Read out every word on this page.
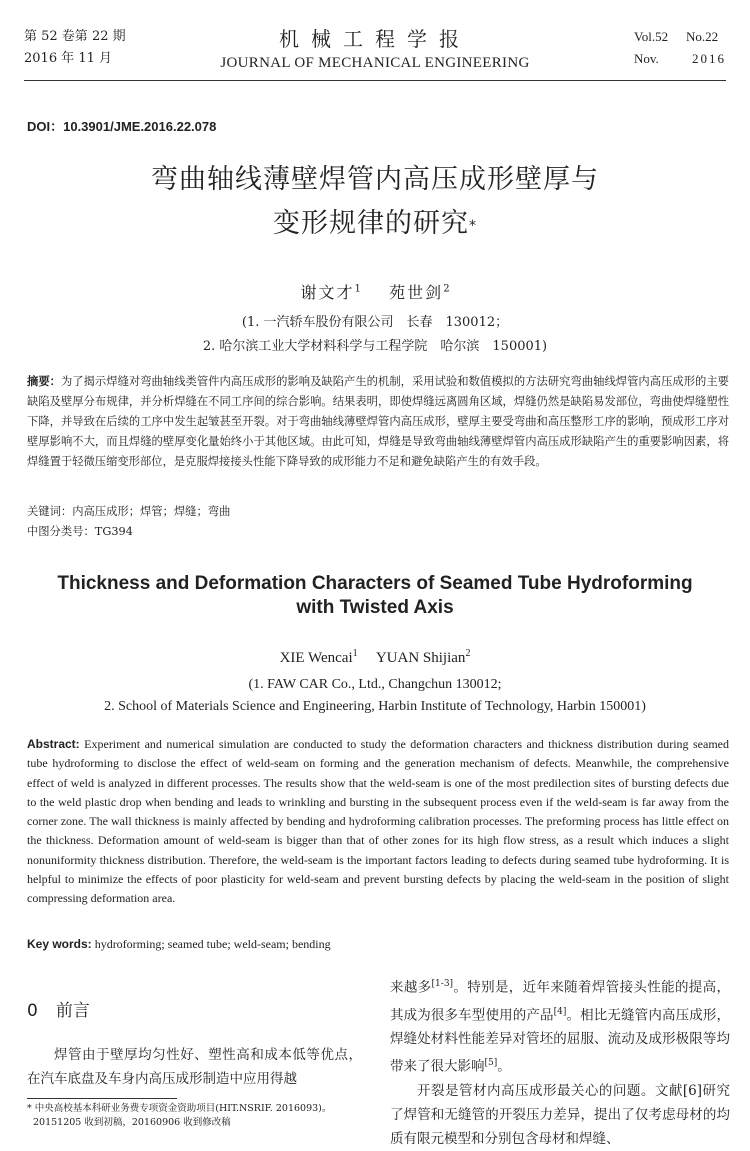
第 52 卷第 22 期
2016 年 11 月
机械工程学报
JOURNAL OF MECHANICAL ENGINEERING
Vol.52 No.22
Nov.	2016
DOI：10.3901/JME.2016.22.078
弯曲轴线薄壁焊管内高压成形壁厚与
变形规律的研究*
谢文才$^1$ 苑世剑$^2$
(1. 一汽轿车股份有限公司　长春　130012；
2. 哈尔滨工业大学材料科学与工程学院　哈尔滨　150001)
摘要：为了揭示焊缝对弯曲轴线类管件内高压成形的影响及缺陷产生的机制，采用试验和数值模拟的方法研究弯曲轴线焊管内高压成形的主要缺陷及壁厚分布规律，并分析焊缝在不同工序间的综合影响。结果表明，即使焊缝远离圆角区域，焊缝仍然是缺陷易发部位，弯曲使焊缝塑性下降，并导致在后续的工序中发生起皱甚至开裂。对于弯曲轴线薄壁焊管内高压成形，壁厚主要受弯曲和高压整形工序的影响，预成形工序对壁厚影响不大，而且焊缝的壁厚变化量始终小于其他区域。由此可知，焊缝是导致弯曲轴线薄壁焊管内高压成形缺陷产生的重要影响因素，将焊缝置于轻微压缩变形部位，是克服焊接接头性能下降导致的成形能力不足和避免缺陷产生的有效手段。
关键词：内高压成形；焊管；焊缝；弯曲
中图分类号：TG394
Thickness and Deformation Characters of Seamed Tube Hydroforming
with Twisted Axis
XIE Wencai$^1$ YUAN Shijian$^2$
(1. FAW CAR Co., Ltd., Changchun 130012;
2. School of Materials Science and Engineering, Harbin Institute of Technology, Harbin 150001)
Abstract: Experiment and numerical simulation are conducted to study the deformation characters and thickness distribution during seamed tube hydroforming to disclose the effect of weld-seam on forming and the generation mechanism of defects. Meanwhile, the comprehensive effect of weld is analyzed in different processes. The results show that the weld-seam is one of the most predilection sites of bursting defects due to the weld plastic drop when bending and leads to wrinkling and bursting in the subsequent process even if the weld-seam is far away from the corner zone. The wall thickness is mainly affected by bending and hydroforming calibration processes. The preforming process has little effect on the thickness. Deformation amount of weld-seam is bigger than that of other zones for its high flow stress, as a result which induces a slight nonuniformity thickness distribution. Therefore, the weld-seam is the important factors leading to defects during seamed tube hydroforming. It is helpful to minimize the effects of poor plasticity for weld-seam and prevent bursting defects by placing the weld-seam in the position of slight compressing deformation area.
Key words: hydroforming; seamed tube; weld-seam; bending
0 前言
焊管由于壁厚均匀性好、塑性高和成本低等优点，在汽车底盘及车身内高压成形制造中应用得越

来越多[1-3]。特别是，近年来随着焊管接头性能的提高，其成为很多车型使用的产品[4]。相比无缝管内高压成形，焊缝处材料性能差异对管坯的屈服、流动及成形极限等均带来了很大影响[5]。

开裂是管材内高压成形最关心的问题。文献[6]研究了焊管和无缝管的开裂压力差异，提出了仅考虑母材的均质有限元模型和分别包含母材和焊缝、

* 中央高校基本科研业务费专项资金资助项目(HIT.NSRIF. 2016093)。
20151205 收到初稿，20160906 收到修改稿
